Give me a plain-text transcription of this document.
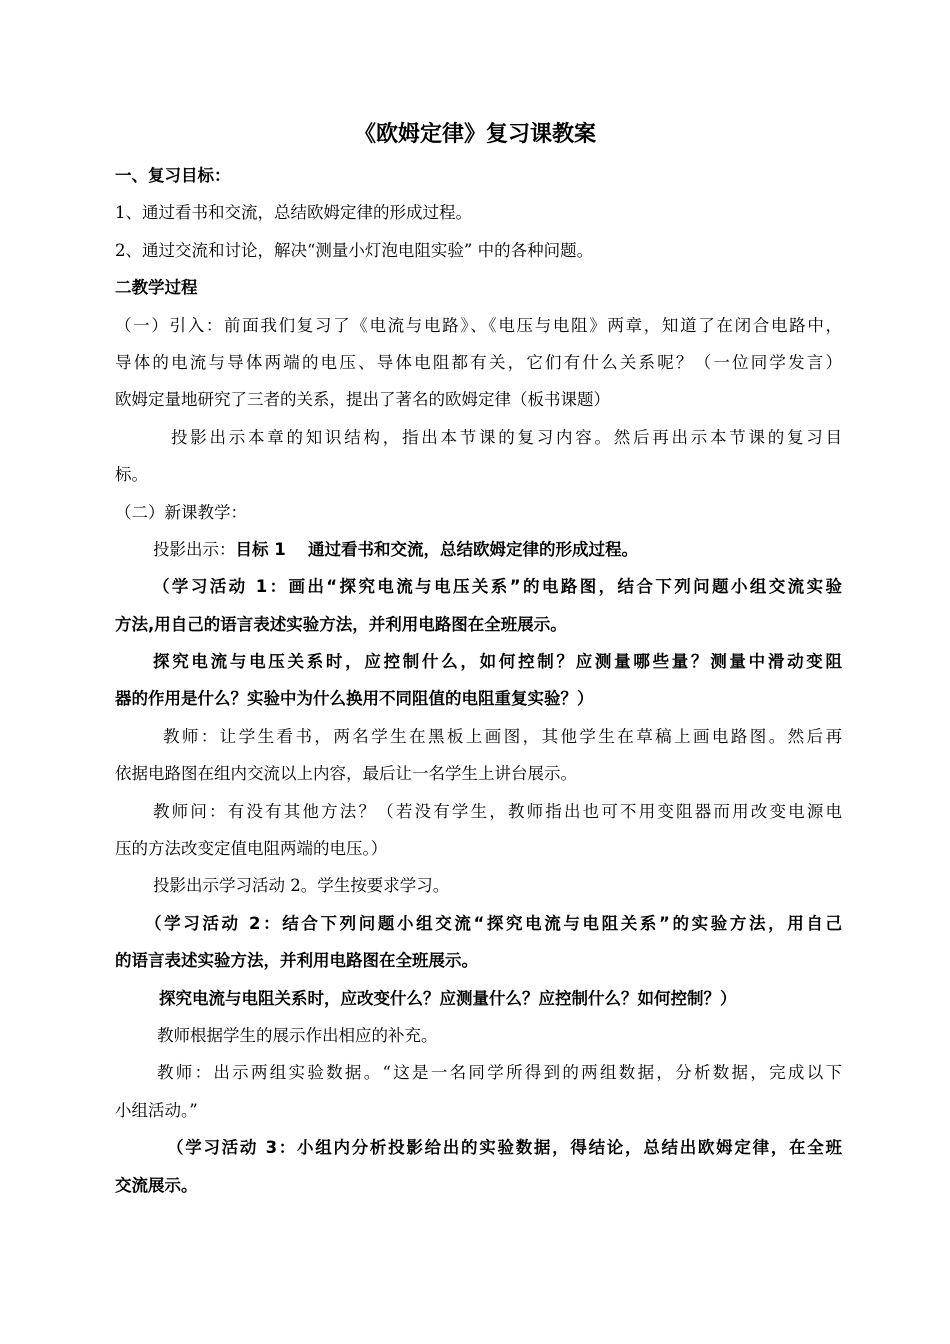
《欧姆定律》复习课教案
一、复习目标：
1、通过看书和交流，总结欧姆定律的形成过程。
2、通过交流和讨论，解决“测量小灯泡电阻实验” 中的各种问题。
二教学过程
（一）引入：前面我们复习了《电流与电路》、《电压与电阻》两章，知道了在闭合电路中，
导体的电流与导体两端的电压、导体电阻都有关，它们有什么关系呢？（一位同学发言）
欧姆定量地研究了三者的关系，提出了著名的欧姆定律（板书课题）
投影出示本章的知识结构，指出本节课的复习内容。然后再出示本节课的复习目
标。
（二）新课教学：
投影出示：目标 1　 通过看书和交流，总结欧姆定律的形成过程。
（学习活动 1：画出“探究电流与电压关系”的电路图，结合下列问题小组交流实验
方法,用自己的语言表述实验方法，并利用电路图在全班展示。
探究电流与电压关系时，应控制什么，如何控制？应测量哪些量？测量中滑动变阻
器的作用是什么？实验中为什么换用不同阻值的电阻重复实验？）
教师：让学生看书，两名学生在黑板上画图，其他学生在草稿上画电路图。然后再
依据电路图在组内交流以上内容，最后让一名学生上讲台展示。
教师问：有没有其他方法？（若没有学生，教师指出也可不用变阻器而用改变电源电
压的方法改变定值电阻两端的电压。）
投影出示学习活动 2。学生按要求学习。
（学习活动 2：结合下列问题小组交流“探究电流与电阻关系”的实验方法，用自己
的语言表述实验方法，并利用电路图在全班展示。
探究电流与电阻关系时，应改变什么？应测量什么？应控制什么？如何控制？）
教师根据学生的展示作出相应的补充。
教师：出示两组实验数据。“这是一名同学所得到的两组数据，分析数据，完成以下
小组活动。”
（学习活动 3：小组内分析投影给出的实验数据，得结论，总结出欧姆定律，在全班
交流展示。
